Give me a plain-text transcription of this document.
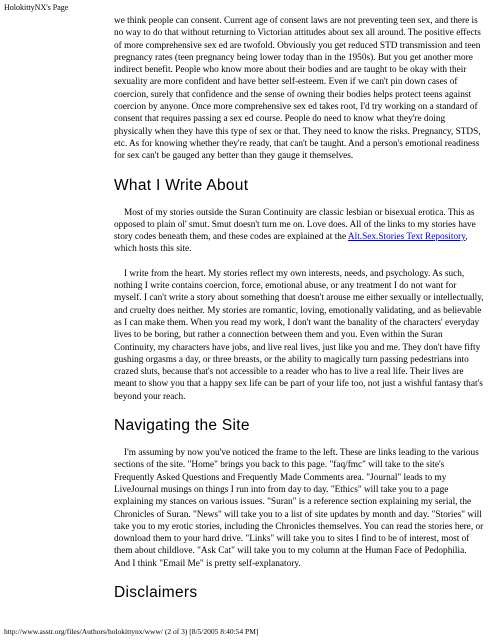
HolokittyNX's Page

we think people can consent. Current age of consent laws are not preventing teen sex, and there is no way to do that without returning to Victorian attitudes about sex all around. The positive effects of more comprehensive sex ed are twofold. Obviously you get reduced STD transmission and teen pregnancy rates (teen pregnancy being lower today than in the 1950s). But you get another more indirect benefit. People who know more about their bodies and are taught to be okay with their sexuality are more confident and have better self-esteem. Even if we can't pin down cases of coercion, surely that confidence and the sense of owning their bodies helps protect teens against coercion by anyone. Once more comprehensive sex ed takes root, I'd try working on a standard of consent that requires passing a sex ed course. People do need to know what they're doing physically when they have this type of sex or that. They need to know the risks. Pregnancy, STDS, etc. As for knowing whether they're ready, that can't be taught. And a person's emotional readiness for sex can't be gauged any better than they gauge it themselves.

What I Write About

Most of my stories outside the Suran Continuity are classic lesbian or bisexual erotica. This as opposed to plain ol' smut. Smut doesn't turn me on. Love does. All of the links to my stories have story codes beneath them, and these codes are explained at the Alt.Sex.Stories Text Repository, which hosts this site.

I write from the heart. My stories reflect my own interests, needs, and psychology. As such, nothing I write contains coercion, force, emotional abuse, or any treatment I do not want for myself. I can't write a story about something that doesn't arouse me either sexually or intellectually, and cruelty does neither. My stories are romantic, loving, emotionally validating, and as believable as I can make them. When you read my work, I don't want the banality of the characters' everyday lives to be boring, but rather a connection between them and you. Even within the Suran Continuity, my characters have jobs, and live real lives, just like you and me. They don't have fifty gushing orgasms a day, or three breasts, or the ability to magically turn passing pedestrians into crazed sluts, because that's not accessible to a reader who has to live a real life. Their lives are meant to show you that a happy sex life can be part of your life too, not just a wishful fantasy that's beyond your reach.

Navigating the Site

I'm assuming by now you've noticed the frame to the left. These are links leading to the various sections of the site. "Home" brings you back to this page. "faq/fmc" will take to the site's Frequently Asked Questions and Frequently Made Comments area. "Journal" leads to my LiveJournal musings on things I run into from day to day. "Ethics" will take you to a page explaining my stances on various issues. "Suran" is a reference section explaining my serial, the Chronicles of Suran. "News" will take you to a list of site updates by month and day. "Stories" will take you to my erotic stories, including the Chronicles themselves. You can read the stories here, or download them to your hard drive. "Links" will take you to sites I find to be of interest, most of them about childlove. "Ask Cat" will take you to my column at the Human Face of Pedophilia. And I think "Email Me" is pretty self-explanatory.

Disclaimers
http://www.asstr.org/files/Authors/holokittynx/www/ (2 of 3) [8/5/2005 8:40:54 PM]
